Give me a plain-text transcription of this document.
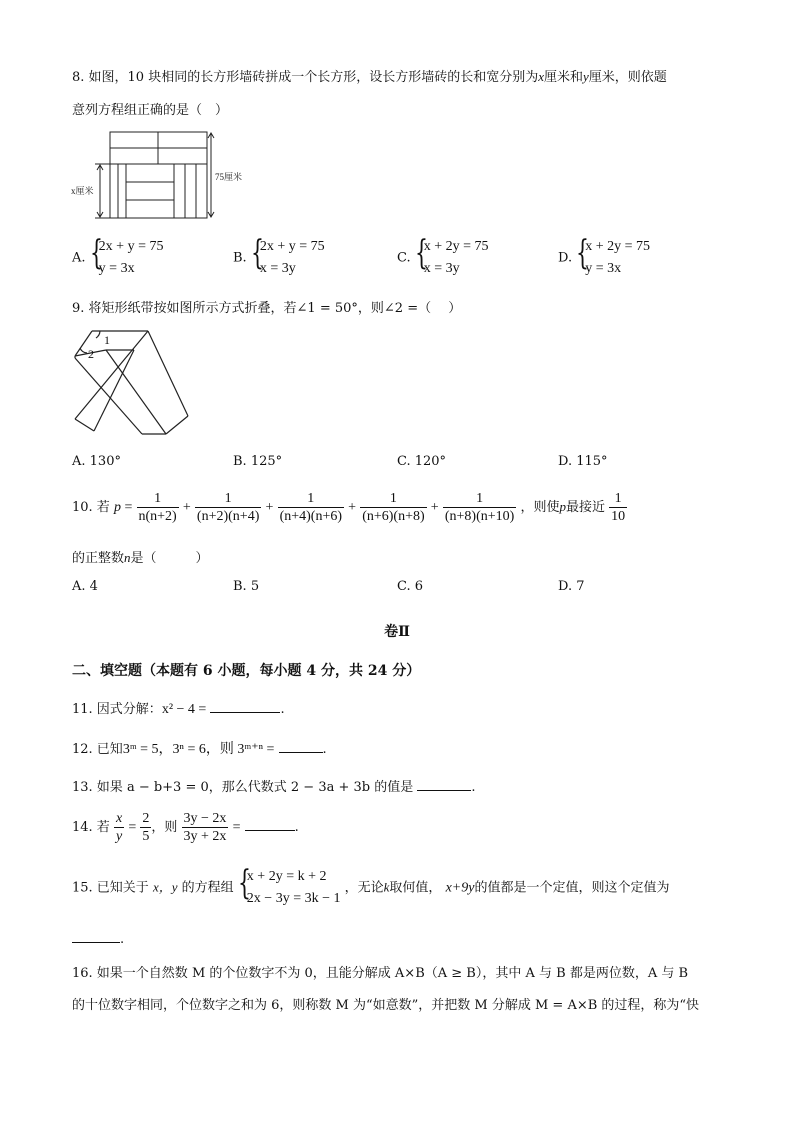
8. 如图，10 块相同的长方形墙砖拼成一个长方形，设长方形墙砖的长和宽分别为x厘米和y厘米，则依题
意列方程组正确的是（　）
x厘米
75厘米
A. {
2x + y = 75
y = 3x
B. {
2x + y = 75
x = 3y
C. {
x + 2y = 75
x = 3y
D. {
x + 2y = 75
y = 3x
9. 将矩形纸带按如图所示方式折叠，若∠1 = 50°，则∠2 =（　 ）
1
2
A. 130°	B. 125°	C. 120°	D. 115°
10. 若 $p = \frac{1}{n(n+2)} + \frac{1}{(n+2)(n+4)} + \frac{1}{(n+4)(n+6)} + \frac{1}{(n+6)(n+8)} + \frac{1}{(n+8)(n+10)}$ ，则使p最接近 $\frac{1}{10}$
的正整数n是（　　　）
A. 4	B. 5	C. 6	D. 7
卷Ⅱ
二、填空题（本题有 6 小题，每小题 4 分，共 24 分）
11. 因式分解：x² − 4 =	.
12. 已知3ᵐ = 5，3ⁿ = 6，则 3ᵐ⁺ⁿ =	.
13. 如果 a − b+3 = 0，那么代数式 2 − 3a + 3b 的值是	.
14. 若 $\frac{x}{y} = \frac{2}{5}$ ，则 $\frac{3y - 2x}{3y + 2x}$ =	.
15. 已知关于 x，y 的方程组 {
x + 2y = k + 2
2x − 3y = 3k − 1
，无论k取何值， x+9y的值都是一个定值，则这个定值为
.
16. 如果一个自然数 M 的个位数字不为 0，且能分解成 A×B（A ≥ B），其中 A 与 B 都是两位数，A 与 B
的十位数字相同，个位数字之和为 6，则称数 M 为“如意数”，并把数 M 分解成 M = A×B 的过程，称为“快
